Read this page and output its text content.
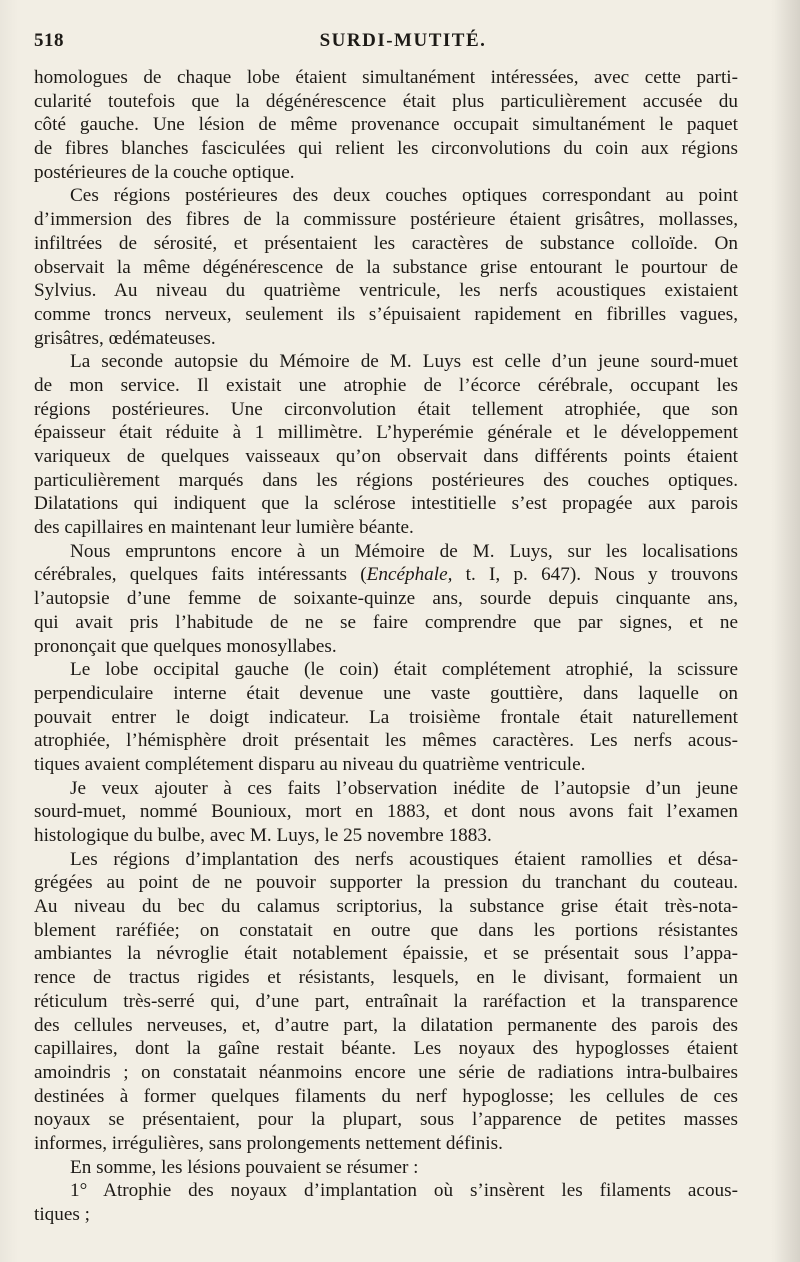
518	SURDI-MUTITÉ.
homologues de chaque lobe étaient simultanément intéressées, avec cette parti-
cularité toutefois que la dégénérescence était plus particulièrement accusée du
côté gauche. Une lésion de même provenance occupait simultanément le paquet
de fibres blanches fasciculées qui relient les circonvolutions du coin aux régions
postérieures de la couche optique.
Ces régions postérieures des deux couches optiques correspondant au point
d’immersion des fibres de la commissure postérieure étaient grisâtres, mollasses,
infiltrées de sérosité, et présentaient les caractères de substance colloïde. On
observait la même dégénérescence de la substance grise entourant le pourtour de
Sylvius. Au niveau du quatrième ventricule, les nerfs acoustiques existaient
comme troncs nerveux, seulement ils s’épuisaient rapidement en fibrilles vagues,
grisâtres, œdémateuses.
La seconde autopsie du Mémoire de M. Luys est celle d’un jeune sourd-muet
de mon service. Il existait une atrophie de l’écorce cérébrale, occupant les
régions postérieures. Une circonvolution était tellement atrophiée, que son
épaisseur était réduite à 1 millimètre. L’hyperémie générale et le développement
variqueux de quelques vaisseaux qu’on observait dans différents points étaient
particulièrement marqués dans les régions postérieures des couches optiques.
Dilatations qui indiquent que la sclérose intestitielle s’est propagée aux parois
des capillaires en maintenant leur lumière béante.
Nous empruntons encore à un Mémoire de M. Luys, sur les localisations
cérébrales, quelques faits intéressants (Encéphale, t. I, p. 647). Nous y trouvons
l’autopsie d’une femme de soixante-quinze ans, sourde depuis cinquante ans,
qui avait pris l’habitude de ne se faire comprendre que par signes, et ne
prononçait que quelques monosyllabes.
Le lobe occipital gauche (le coin) était complétement atrophié, la scissure
perpendiculaire interne était devenue une vaste gouttière, dans laquelle on
pouvait entrer le doigt indicateur. La troisième frontale était naturellement
atrophiée, l’hémisphère droit présentait les mêmes caractères. Les nerfs acous-
tiques avaient complétement disparu au niveau du quatrième ventricule.
Je veux ajouter à ces faits l’observation inédite de l’autopsie d’un jeune
sourd-muet, nommé Bounioux, mort en 1883, et dont nous avons fait l’examen
histologique du bulbe, avec M. Luys, le 25 novembre 1883.
Les régions d’implantation des nerfs acoustiques étaient ramollies et désa-
grégées au point de ne pouvoir supporter la pression du tranchant du couteau.
Au niveau du bec du calamus scriptorius, la substance grise était très-nota-
blement raréfiée; on constatait en outre que dans les portions résistantes
ambiantes la névroglie était notablement épaissie, et se présentait sous l’appa-
rence de tractus rigides et résistants, lesquels, en le divisant, formaient un
réticulum très-serré qui, d’une part, entraînait la raréfaction et la transparence
des cellules nerveuses, et, d’autre part, la dilatation permanente des parois des
capillaires, dont la gaîne restait béante. Les noyaux des hypoglosses étaient
amoindris ; on constatait néanmoins encore une série de radiations intra-bulbaires
destinées à former quelques filaments du nerf hypoglosse; les cellules de ces
noyaux se présentaient, pour la plupart, sous l’apparence de petites masses
informes, irrégulières, sans prolongements nettement définis.
En somme, les lésions pouvaient se résumer :
1° Atrophie des noyaux d’implantation où s’insèrent les filaments acous-
tiques ;
